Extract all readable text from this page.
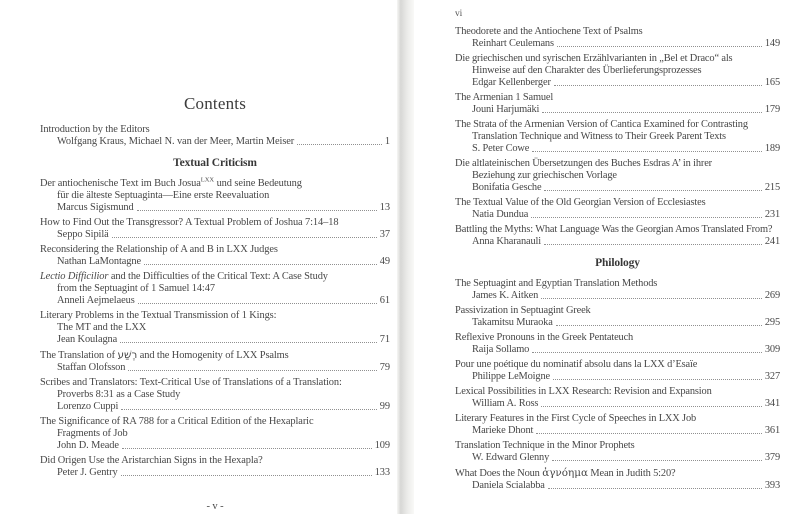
Contents
Introduction by the Editors
Wolfgang Kraus, Michael N. van der Meer, Martin Meiser	1
Textual Criticism
Der antiochenische Text im Buch Josua$^{LXX}$ und seine Bedeutung
für die älteste Septuaginta—Eine erste Reevaluation
Marcus Sigismund	13
How to Find Out the Transgressor? A Textual Problem of Joshua 7:14–18
Seppo Sipilä	37
Reconsidering the Relationship of A and B in LXX Judges
Nathan LaMontagne	49
Lectio Difficilior and the Difficulties of the Critical Text: A Case Study
from the Septuagint of 1 Samuel 14:47
Anneli Aejmelaeus	61
Literary Problems in the Textual Transmission of 1 Kings:
The MT and the LXX
Jean Koulagna	71
The Translation of רֶשַׁע and the Homogenity of LXX Psalms
Staffan Olofsson	79
Scribes and Translators: Text-Critical Use of Translations of a Translation:
Proverbs 8:31 as a Case Study
Lorenzo Cuppi	99
The Significance of RA 788 for a Critical Edition of the Hexaplaric
Fragments of Job
John D. Meade	109
Did Origen Use the Aristarchian Signs in the Hexapla?
Peter J. Gentry	133
- v -
vi
Theodorete and the Antiochene Text of Psalms
Reinhart Ceulemans	149
Die griechischen und syrischen Erzählvarianten in „Bel et Draco“ als
Hinweise auf den Charakter des Überlieferungsprozesses
Edgar Kellenberger	165
The Armenian 1 Samuel
Jouni Harjumäki	179
The Strata of the Armenian Version of Cantica Examined for Contrasting
Translation Technique and Witness to Their Greek Parent Texts
S. Peter Cowe	189
Die altlateinischen Übersetzungen des Buches Esdras A’ in ihrer
Beziehung zur griechischen Vorlage
Bonifatia Gesche	215
The Textual Value of the Old Georgian Version of Ecclesiastes
Natia Dundua	231
Battling the Myths: What Language Was the Georgian Amos Translated From?
Anna Kharanauli	241
Philology
The Septuagint and Egyptian Translation Methods
James K. Aitken	269
Passivization in Septuagint Greek
Takamitsu Muraoka	295
Reflexive Pronouns in the Greek Pentateuch
Raija Sollamo	309
Pour une poétique du nominatif absolu dans la LXX d’Esaïe
Philippe LeMoigne	327
Lexical Possibilities in LXX Research: Revision and Expansion
William A. Ross	341
Literary Features in the First Cycle of Speeches in LXX Job
Marieke Dhont	361
Translation Technique in the Minor Prophets
W. Edward Glenny	379
What Does the Noun ἀγνόημα Mean in Judith 5:20?
Daniela Scialabba	393
